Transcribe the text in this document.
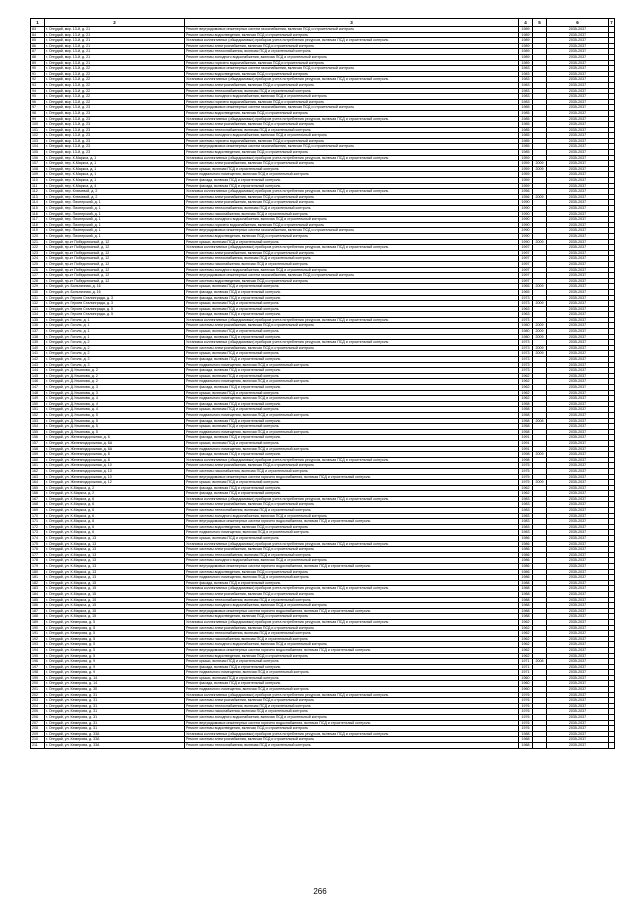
1	2	3	4	5	6	7
83	г. Онгудай, мкр. 13-й, д. 21	Ремонт внутридомовых инженерных систем газоснабжения, включая ПСД и строительный контроль	1989		2035-2037	
84	г. Онгудай, мкр. 13-й, д. 21	Ремонт системы водоотведения, включая ПСД и строительный контроль	1989		2035-2037	
85	г. Онгудай, мкр. 13-й, д. 21	Установка коллективных (общедомовых) приборов учета потребления ресурсов, включая ПСД и строительный контроль	1989		2035-2037	
86	г. Онгудай, мкр. 13-й, д. 21	Ремонт системы электроснабжения, включая ПСД и строительный контроль	1989		2035-2037	
87	г. Онгудай, мкр. 13-й, д. 21	Ремонт системы теплоснабжения, включая ПСД и строительный контроль	1989		2035-2037	
88	г. Онгудай, мкр. 13-й, д. 21	Ремонт системы холодного водоснабжения, включая ПСД и строительный контроль	1989		2035-2037	
89	г. Онгудай, мкр. 13-й, д. 21	Ремонт системы горячего водоснабжения, включая ПСД и строительный контроль	1989		2035-2037	
90	г. Онгудай, мкр. 13-й, д. 22	Ремонт внутридомовых инженерных систем газоснабжения, включая ПСД и строительный контроль	1983		2035-2037	
91	г. Онгудай, мкр. 13-й, д. 22	Ремонт системы водоотведения, включая ПСД и строительный контроль	1983		2035-2037	
92	г. Онгудай, мкр. 13-й, д. 22	Установка коллективных (общедомовых) приборов учета потребления ресурсов, включая ПСД и строительный контроль	1983		2035-2037	
93	г. Онгудай, мкр. 13-й, д. 22	Ремонт системы электроснабжения, включая ПСД и строительный контроль	1983		2035-2037	
94	г. Онгудай, мкр. 13-й, д. 22	Ремонт системы теплоснабжения, включая ПСД и строительный контроль	1983		2035-2037	
95	г. Онгудай, мкр. 13-й, д. 22	Ремонт системы холодного водоснабжения, включая ПСД и строительный контроль	1983		2035-2037	
96	г. Онгудай, мкр. 13-й, д. 22	Ремонт системы горячего водоснабжения, включая ПСД и строительный контроль	1983		2035-2037	
97	г. Онгудай, мкр. 13-й, д. 23	Ремонт внутридомовых инженерных систем газоснабжения, включая ПСД и строительный контроль	1985		2035-2037	
98	г. Онгудай, мкр. 13-й, д. 23	Ремонт системы водоотведения, включая ПСД и строительный контроль	1985		2035-2037	
99	г. Онгудай, мкр. 13-й, д. 23	Установка коллективных (общедомовых) приборов учета потребления ресурсов, включая ПСД и строительный контроль	1985		2035-2037	
100	г. Онгудай, мкр. 13-й, д. 23	Ремонт системы электроснабжения, включая ПСД и строительный контроль	1985		2035-2037	
101	г. Онгудай, мкр. 13-й, д. 23	Ремонт системы теплоснабжения, включая ПСД и строительный контроль	1985		2035-2037	
102	г. Онгудай, мкр. 13-й, д. 23	Ремонт системы холодного водоснабжения, включая ПСД и строительный контроль	1985		2035-2037	
103	г. Онгудай, мкр. 13-й, д. 23	Ремонт системы горячего водоснабжения, включая ПСД и строительный контроль	1985		2035-2037	
104	г. Онгудай, мкр. 13-й, д. 23	Ремонт внутридомовых инженерных систем газоснабжения, включая ПСД и строительный контроль	1985		2035-2037	
105	г. Онгудай, мкр. 13-й, д. 23	Ремонт системы водоотведения, включая ПСД и строительный контроль	1985		2035-2037	
106	г. Онгудай, пер. К.Маркса, д. 1	Установка коллективных (общедомовых) приборов учета потребления ресурсов, включая ПСД и строительный контроль	1959		2035-2037	
107	г. Онгудай, пер. К.Маркса, д. 1	Ремонт системы электроснабжения, включая ПСД и строительный контроль	1959	2009	2035-2037	
108	г. Онгудай, пер. К.Маркса, д. 1	Ремонт крыши, включая ПСД и строительный контроль	1959	2009	2035-2037	
109	г. Онгудай, пер. К.Маркса, д. 1	Ремонт подвального помещения, включая ПСД и строительный контроль	1959		2035-2037	
110	г. Онгудай, пер. К.Маркса, д. 1	Ремонт фасада, включая ПСД и строительный контроль	1959		2035-2037	
111	г. Онгудай, пер. К.Маркса, д. 4	Ремонт фасада, включая ПСД и строительный контроль	1959		2035-2037	
112	г. Онгудай, пер. Ключевой, д. 2	Установка коллективных (общедомовых) приборов учета потребления ресурсов, включая ПСД и строительный контроль	1956		2035-2037	
113	г. Онгудай, пер. Ключевой, д. 2	Ремонт системы электроснабжения, включая ПСД и строительный контроль	1956	2009	2035-2037	
114	г. Онгудай, пер. Пионерский, д. 1	Ремонт системы электроснабжения, включая ПСД и строительный контроль	1990		2035-2037	
115	г. Онгудай, пер. Пионерский, д. 1	Ремонт системы теплоснабжения, включая ПСД и строительный контроль	1990		2035-2037	
116	г. Онгудай, пер. Пионерский, д. 1	Ремонт системы газоснабжения, включая ПСД и строительный контроль	1990		2035-2037	
117	г. Онгудай, пер. Пионерский, д. 1	Ремонт системы холодного водоснабжения, включая ПСД и строительный контроль	1990		2035-2037	
118	г. Онгудай, пер. Пионерский, д. 1	Ремонт системы горячего водоснабжения, включая ПСД и строительный контроль	1990		2035-2037	
119	г. Онгудай, пер. Пионерский, д. 1	Ремонт внутридомовых инженерных систем газоснабжения, включая ПСД и строительный контроль	1990		2035-2037	
120	г. Онгудай, пер. Пионерский, д. 1	Ремонт системы водоотведения, включая ПСД и строительный контроль	1990		2035-2037	
121	г. Онгудай, пр-кт Победоносный, д. 12	Ремонт крыши, включая ПСД и строительный контроль	1990	2009	2035-2037	
122	г. Онгудай, пр-кт Победоносный, д. 12	Установка коллективных (общедомовых) приборов учета потребления ресурсов, включая ПСД и строительный контроль	1997		2035-2037	
123	г. Онгудай, пр-кт Победоносный, д. 12	Ремонт системы электроснабжения, включая ПСД и строительный контроль	1997		2035-2037	
124	г. Онгудай, пр-кт Победоносный, д. 12	Ремонт системы теплоснабжения, включая ПСД и строительный контроль	1997		2035-2037	
125	г. Онгудай, пр-кт Победоносный, д. 12	Ремонт системы газоснабжения, включая ПСД и строительный контроль	1997		2035-2037	
126	г. Онгудай, пр-кт Победоносный, д. 12	Ремонт системы холодного водоснабжения, включая ПСД и строительный контроль	1997		2035-2037	
127	г. Онгудай, пр-кт Победоносный, д. 12	Ремонт внутридомовых инженерных систем газоснабжения, включая ПСД и строительный контроль	1997		2035-2037	
128	г. Онгудай, пр-кт Победоносный, д. 12	Ремонт системы водоотведения, включая ПСД и строительный контроль	1997		2035-2037	
129	г. Онгудай, ул. Больничная, д. 16	Ремонт крыши, включая ПСД и строительный контроль	1965	2009	2035-2037	
130	г. Онгудай, ул. Больничная, д. 16	Ремонт фасада, включая ПСД и строительный контроль	1965		2035-2037	
131	г. Онгудай, ул. Героев Сталинграда, д. 3	Ремонт фасада, включая ПСД и строительный контроль	1973		2035-2037	
132	г. Онгудай, ул. Героев Сталинграда, д. 3	Ремонт крыши, включая ПСД и строительный контроль	1973	2009	2035-2037	
133	г. Онгудай, ул. Героев Сталинграда, д. 5	Ремонт крыши, включая ПСД и строительный контроль	1963		2035-2037	
134	г. Онгудай, ул. Героев Сталинграда, д. 5	Ремонт фасада, включая ПСД и строительный контроль	1963		2035-2037	
135	г. Онгудай, ул. Гоголя, д. 1	Установка коллективных (общедомовых) приборов учета потребления ресурсов, включая ПСД и строительный контроль	1973		2035-2037	
136	г. Онгудай, ул. Гоголя, д. 1	Ремонт системы электроснабжения, включая ПСД и строительный контроль	1980	2009	2035-2037	
137	г. Онгудай, ул. Гоголя, д. 1	Ремонт крыши, включая ПСД и строительный контроль	1980	2009	2035-2037	
138	г. Онгудай, ул. Гоголя, д. 1	Ремонт фасада, включая ПСД и строительный контроль	1980	2009	2035-2037	
139	г. Онгудай, ул. Гоголя, д. 2	Установка коллективных (общедомовых) приборов учета потребления ресурсов, включая ПСД и строительный контроль	1973		2035-2037	
140	г. Онгудай, ул. Гоголя, д. 2	Ремонт системы электроснабжения, включая ПСД и строительный контроль	1973	2009	2035-2037	
141	г. Онгудай, ул. Гоголя, д. 2	Ремонт крыши, включая ПСД и строительный контроль	1973	2009	2035-2037	
142	г. Онгудай, ул. Гоголя, д. 3	Ремонт фасада, включая ПСД и строительный контроль	1973		2035-2037	
143	г. Онгудай, ул. Гоголя, д. 3	Ремонт подвального помещения, включая ПСД и строительный контроль	1973		2035-2037	
144	г. Онгудай, ул. Д.Ульянова, д. 2	Ремонт фасада, включая ПСД и строительный контроль	1973		2035-2037	
145	г. Онгудай, ул. Д.Ульянова, д. 2	Ремонт крыши, включая ПСД и строительный контроль	1962		2035-2037	
146	г. Онгудай, ул. Д.Ульянова, д. 2	Ремонт подвального помещения, включая ПСД и строительный контроль	1962		2035-2037	
147	г. Онгудай, ул. Д.Ульянова, д. 3	Ремонт фасада, включая ПСД и строительный контроль	1962		2035-2037	
148	г. Онгудай, ул. Д.Ульянова, д. 3	Ремонт крыши, включая ПСД и строительный контроль	1962		2035-2037	
149	г. Онгудай, ул. Д.Ульянова, д. 4	Ремонт подвального помещения, включая ПСД и строительный контроль	1962		2035-2037	
150	г. Онгудай, ул. Д.Ульянова, д. 4	Ремонт фасада, включая ПСД и строительный контроль	1958		2035-2037	
151	г. Онгудай, ул. Д.Ульянова, д. 4	Ремонт крыши, включая ПСД и строительный контроль	1958		2035-2037	
152	г. Онгудай, ул. Д.Ульянова, д. 5	Ремонт подвального помещения, включая ПСД и строительный контроль	1958		2035-2037	
153	г. Онгудай, ул. Д.Ульянова, д. 5	Ремонт фасада, включая ПСД и строительный контроль	1958	2008	2035-2037	
154	г. Онгудай, ул. Д.Ульянова, д. 5	Ремонт крыши, включая ПСД и строительный контроль	1958		2035-2037	
155	г. Онгудай, ул. Д.Ульянова, д. 5	Ремонт подвального помещения, включая ПСД и строительный контроль	1958		2035-2037	
156	г. Онгудай, ул. Железнодорожная, д. 6	Ремонт фасада, включая ПСД и строительный контроль	1991		2035-2037	
157	г. Онгудай, ул. Железнодорожная, д. 6А	Ремонт крыши, включая ПСД и строительный контроль	1991		2035-2037	
158	г. Онгудай, ул. Железнодорожная, д. 6А	Ремонт подвального помещения, включая ПСД и строительный контроль	1991		2035-2037	
159	г. Онгудай, ул. Железнодорожная, д. 8	Ремонт фасада, включая ПСД и строительный контроль	1998	2009	2035-2037	
160	г. Онгудай, ул. Железнодорожная, д. 8	Установка коллективных (общедомовых) приборов учета потребления ресурсов, включая ПСД и строительный контроль	1998		2035-2037	
161	г. Онгудай, ул. Железнодорожная, д. 10	Ремонт системы электроснабжения, включая ПСД и строительный контроль	1975		2035-2037	
162	г. Онгудай, ул. Железнодорожная, д. 10	Ремонт системы газоснабжения, включая ПСД и строительный контроль	1975		2035-2037	
163	г. Онгудай, ул. Железнодорожная, д. 10	Ремонт внутридомовых инженерных систем горячего водоснабжения, включая ПСД и строительный контроль	1975		2035-2037	
164	г. Онгудай, ул. Железнодорожная, д. 12	Ремонт крыши, включая ПСД и строительный контроль	1975	2009	2035-2037	
165	г. Онгудай, ул. К.Маркса, д. 2	Ремонт фасада, включая ПСД и строительный контроль	1962		2035-2037	
166	г. Онгудай, ул. К.Маркса, д. 2	Ремонт фасада, включая ПСД и строительный контроль	1962		2035-2037	
167	г. Онгудай, ул. К.Маркса, д. 6	Установка коллективных (общедомовых) приборов учета потребления ресурсов, включая ПСД и строительный контроль	1983		2035-2037	
168	г. Онгудай, ул. К.Маркса, д. 6	Ремонт системы электроснабжения, включая ПСД и строительный контроль	1983		2035-2037	
169	г. Онгудай, ул. К.Маркса, д. 6	Ремонт системы теплоснабжения, включая ПСД и строительный контроль	1983		2035-2037	
170	г. Онгудай, ул. К.Маркса, д. 6	Ремонт системы холодного водоснабжения, включая ПСД и строительный контроль	1983		2035-2037	
171	г. Онгудай, ул. К.Маркса, д. 6	Ремонт внутридомовых инженерных систем горячего водоснабжения, включая ПСД и строительный контроль	1983		2035-2037	
172	г. Онгудай, ул. К.Маркса, д. 6	Ремонт системы водоотведения, включая ПСД и строительный контроль	1983		2035-2037	
173	г. Онгудай, ул. К.Маркса, д. 6	Ремонт подвального помещения, включая ПСД и строительный контроль	1983		2035-2037	
174	г. Онгудай, ул. К.Маркса, д. 13	Ремонт крыши, включая ПСД и строительный контроль	1986		2035-2037	
175	г. Онгудай, ул. К.Маркса, д. 13	Установка коллективных (общедомовых) приборов учета потребления ресурсов, включая ПСД и строительный контроль	1986		2035-2037	
176	г. Онгудай, ул. К.Маркса, д. 13	Ремонт системы электроснабжения, включая ПСД и строительный контроль	1986		2035-2037	
177	г. Онгудай, ул. К.Маркса, д. 13	Ремонт системы теплоснабжения, включая ПСД и строительный контроль	1986		2035-2037	
178	г. Онгудай, ул. К.Маркса, д. 13	Ремонт системы холодного водоснабжения, включая ПСД и строительный контроль	1986		2035-2037	
179	г. Онгудай, ул. К.Маркса, д. 13	Ремонт внутридомовых инженерных систем горячего водоснабжения, включая ПСД и строительный контроль	1986		2035-2037	
180	г. Онгудай, ул. К.Маркса, д. 13	Ремонт системы водоотведения, включая ПСД и строительный контроль	1986		2035-2037	
181	г. Онгудай, ул. К.Маркса, д. 13	Ремонт подвального помещения, включая ПСД и строительный контроль	1986		2035-2037	
182	г. Онгудай, ул. К.Маркса, д. 15	Ремонт фасада, включая ПСД и строительный контроль	1988		2035-2037	
183	г. Онгудай, ул. К.Маркса, д. 15	Установка коллективных (общедомовых) приборов учета потребления ресурсов, включая ПСД и строительный контроль	1988		2035-2037	
184	г. Онгудай, ул. К.Маркса, д. 15	Ремонт системы электроснабжения, включая ПСД и строительный контроль	1988		2035-2037	
185	г. Онгудай, ул. К.Маркса, д. 15	Ремонт системы теплоснабжения, включая ПСД и строительный контроль	1988		2035-2037	
186	г. Онгудай, ул. К.Маркса, д. 15	Ремонт системы холодного водоснабжения, включая ПСД и строительный контроль	1988		2035-2037	
187	г. Онгудай, ул. К.Маркса, д. 15	Ремонт внутридомовых инженерных систем горячего водоснабжения, включая ПСД и строительный контроль	1988		2035-2037	
188	г. Онгудай, ул. К.Маркса, д. 15	Ремонт системы водоотведения, включая ПСД и строительный контроль	1988		2035-2037	
189	г. Онгудай, ул. Кемерова, д. 5	Установка коллективных (общедомовых) приборов учета потребления ресурсов, включая ПСД и строительный контроль	1962		2035-2037	
190	г. Онгудай, ул. Кемерова, д. 5	Ремонт системы электроснабжения, включая ПСД и строительный контроль	1962		2035-2037	
191	г. Онгудай, ул. Кемерова, д. 5	Ремонт системы теплоснабжения, включая ПСД и строительный контроль	1962		2035-2037	
192	г. Онгудай, ул. Кемерова, д. 5	Ремонт системы газоснабжения, включая ПСД и строительный контроль	1962		2035-2037	
193	г. Онгудай, ул. Кемерова, д. 5	Ремонт системы холодного водоснабжения, включая ПСД и строительный контроль	1962		2035-2037	
194	г. Онгудай, ул. Кемерова, д. 5	Ремонт внутридомовых инженерных систем горячего водоснабжения, включая ПСД и строительный контроль	1962		2035-2037	
195	г. Онгудай, ул. Кемерова, д. 5	Ремонт системы водоотведения, включая ПСД и строительный контроль	1962		2035-2037	
196	г. Онгудай, ул. Кемерова, д. 9	Ремонт крыши, включая ПСД и строительный контроль	1971	2008	2035-2037	
197	г. Онгудай, ул. Кемерова, д. 9	Ремонт фасада, включая ПСД и строительный контроль	1971		2035-2037	
198	г. Онгудай, ул. Кемерова, д. 9	Ремонт подвального помещения, включая ПСД и строительный контроль	1971		2035-2037	
199	г. Онгудай, ул. Кемерова, д. 14	Ремонт крыши, включая ПСД и строительный контроль	1960		2035-2037	
200	г. Онгудай, ул. Кемерова, д. 14	Ремонт фасада, включая ПСД и строительный контроль	1960		2035-2037	
201	г. Онгудай, ул. Кемерова, д. 30	Ремонт подвального помещения, включая ПСД и строительный контроль	1960		2035-2037	
202	г. Онгудай, ул. Кемерова, д. 31	Установка коллективных (общедомовых) приборов учета потребления ресурсов, включая ПСД и строительный контроль	1976		2035-2037	
203	г. Онгудай, ул. Кемерова, д. 31	Ремонт системы электроснабжения, включая ПСД и строительный контроль	1976		2035-2037	
204	г. Онгудай, ул. Кемерова, д. 31	Ремонт системы теплоснабжения, включая ПСД и строительный контроль	1976		2035-2037	
205	г. Онгудай, ул. Кемерова, д. 31	Ремонт системы газоснабжения, включая ПСД и строительный контроль	1976		2035-2037	
206	г. Онгудай, ул. Кемерова, д. 31	Ремонт системы холодного водоснабжения, включая ПСД и строительный контроль	1976		2035-2037	
207	г. Онгудай, ул. Кемерова, д. 31	Ремонт внутридомовых инженерных систем горячего водоснабжения, включая ПСД и строительный контроль	1976		2035-2037	
208	г. Онгудай, ул. Кемерова, д. 31	Ремонт системы водоотведения, включая ПСД и строительный контроль	1976		2035-2037	
209	г. Онгудай, ул. Кемерова, д. 33А	Установка коллективных (общедомовых) приборов учета потребления ресурсов, включая ПСД и строительный контроль	1988		2035-2037	
210	г. Онгудай, ул. Кемерова, д. 33А	Ремонт системы электроснабжения, включая ПСД и строительный контроль	1988		2035-2037	
211	г. Онгудай, ул. Кемерова, д. 33А	Ремонт системы теплоснабжения, включая ПСД и строительный контроль	1988		2035-2037	
266
